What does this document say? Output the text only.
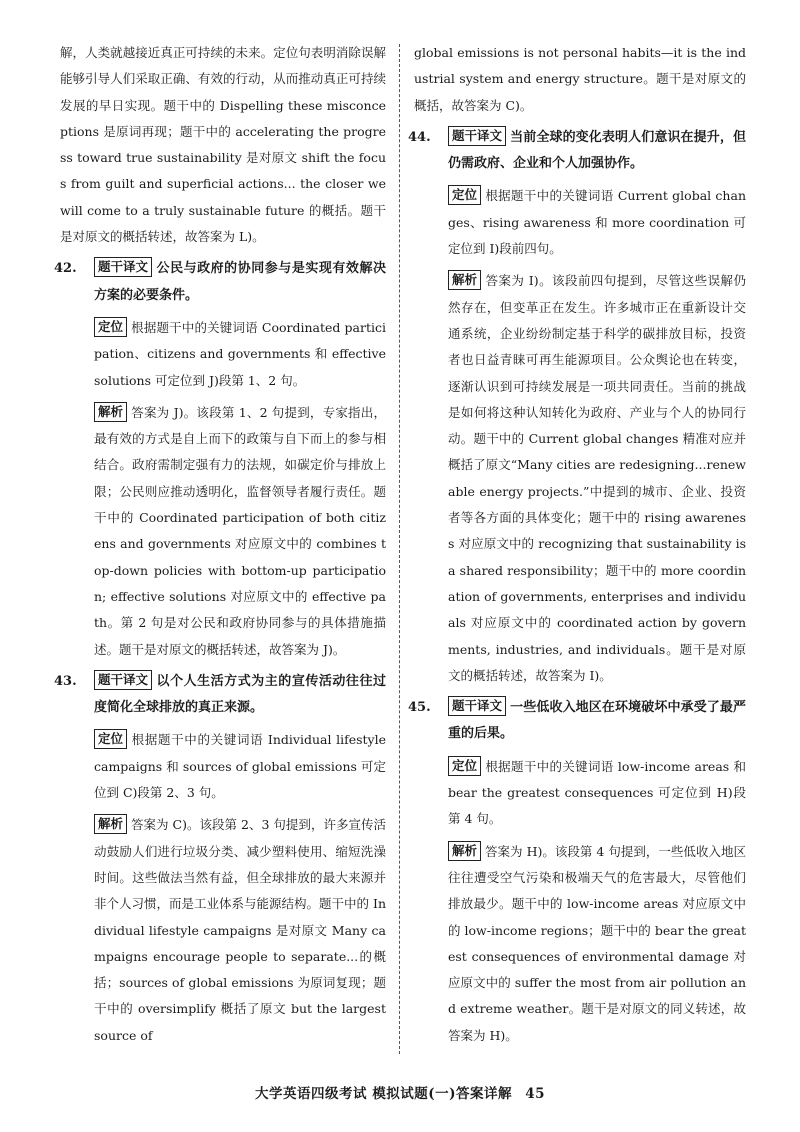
解，人类就越接近真正可持续的未来。定位句表明消除误解能够引导人们采取正确、有效的行动，从而推动真正可持续发展的早日实现。题干中的 Dispelling these misconceptions 是原词再现；题干中的 accelerating the progress toward true sustainability 是对原文 shift the focus from guilt and superficial actions... the closer we will come to a truly sustainable future 的概括。题干是对原文的概括转述，故答案为 L)。

42.	题干译文 公民与政府的协同参与是实现有效解决方案的必要条件。

定位 根据题干中的关键词语 Coordinated participation、citizens and governments 和 effective solutions 可定位到 J)段第 1、2 句。

解析 答案为 J)。该段第 1、2 句提到，专家指出，最有效的方式是自上而下的政策与自下而上的参与相结合。政府需制定强有力的法规，如碳定价与排放上限；公民则应推动透明化，监督领导者履行责任。题干中的 Coordinated participation of both citizens and governments 对应原文中的 combines top-down policies with bottom-up participation; effective solutions 对应原文中的 effective path。第 2 句是对公民和政府协同参与的具体措施描述。题干是对原文的概括转述，故答案为 J)。

43.	题干译文 以个人生活方式为主的宣传活动往往过度简化全球排放的真正来源。

定位 根据题干中的关键词语 Individual lifestyle campaigns 和 sources of global emissions 可定位到 C)段第 2、3 句。

解析 答案为 C)。该段第 2、3 句提到，许多宣传活动鼓励人们进行垃圾分类、减少塑料使用、缩短洗澡时间。这些做法当然有益，但全球排放的最大来源并非个人习惯，而是工业体系与能源结构。题干中的 Individual lifestyle campaigns 是对原文 Many campaigns encourage people to separate...的概括；sources of global emissions 为原词复现；题干中的 oversimplify 概括了原文 but the largest source of

global emissions is not personal habits—it is the industrial system and energy structure。题干是对原文的概括，故答案为 C)。

44.	题干译文 当前全球的变化表明人们意识在提升，但仍需政府、企业和个人加强协作。

定位 根据题干中的关键词语 Current global changes、rising awareness 和 more coordination 可定位到 I)段前四句。

解析 答案为 I)。该段前四句提到，尽管这些误解仍然存在，但变革正在发生。许多城市正在重新设计交通系统，企业纷纷制定基于科学的碳排放目标，投资者也日益青睐可再生能源项目。公众舆论也在转变，逐渐认识到可持续发展是一项共同责任。当前的挑战是如何将这种认知转化为政府、产业与个人的协同行动。题干中的 Current global changes 精准对应并概括了原文“Many cities are redesigning...renewable energy projects.”中提到的城市、企业、投资者等各方面的具体变化；题干中的 rising awareness 对应原文中的 recognizing that sustainability is a shared responsibility；题干中的 more coordination of governments, enterprises and individuals 对应原文中的 coordinated action by governments, industries, and individuals。题干是对原文的概括转述，故答案为 I)。

45.	题干译文 一些低收入地区在环境破坏中承受了最严重的后果。

定位 根据题干中的关键词语 low-income areas 和 bear the greatest consequences 可定位到 H)段第 4 句。

解析 答案为 H)。该段第 4 句提到，一些低收入地区往往遭受空气污染和极端天气的危害最大，尽管他们排放最少。题干中的 low-income areas 对应原文中的 low-income regions；题干中的 bear the greatest consequences of environmental damage 对应原文中的 suffer the most from air pollution and extreme weather。题干是对原文的同义转述，故答案为 H)。

大学英语四级考试 模拟试题(一)答案详解 45
